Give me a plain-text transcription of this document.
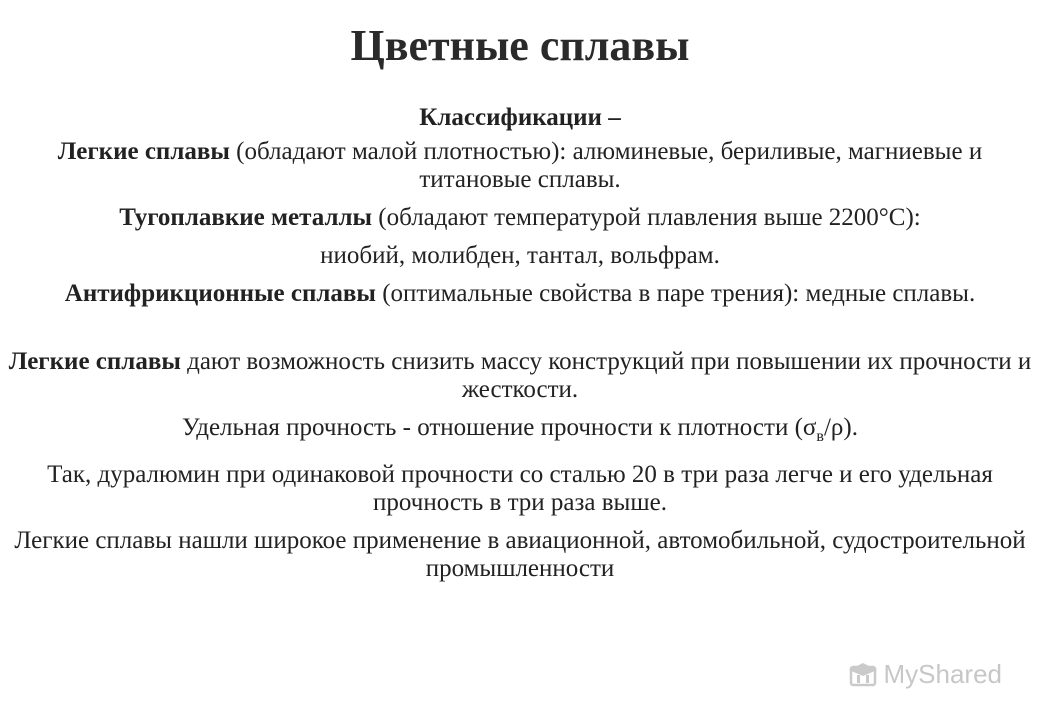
Цветные сплавы

Классификации –

Легкие сплавы (обладают малой плотностью): алюминевые, бериливые, магниевые и титановые сплавы.

Тугоплавкие металлы (обладают температурой плавления выше 2200°С):

ниобий, молибден, тантал, вольфрам.

Антифрикционные сплавы (оптимальные свойства в паре трения): медные сплавы.

Легкие сплавы дают возможность снизить массу конструкций при повышении их прочности и жесткости.

Удельная прочность - отношение прочности к плотности $(\sigma_в/\rho)$.

Так, дуралюмин при одинаковой прочности со сталью 20 в три раза легче и его удельная прочность в три раза выше.

Легкие сплавы нашли широкое применение в авиационной, автомобильной, судостроительной промышленности

MyShared
